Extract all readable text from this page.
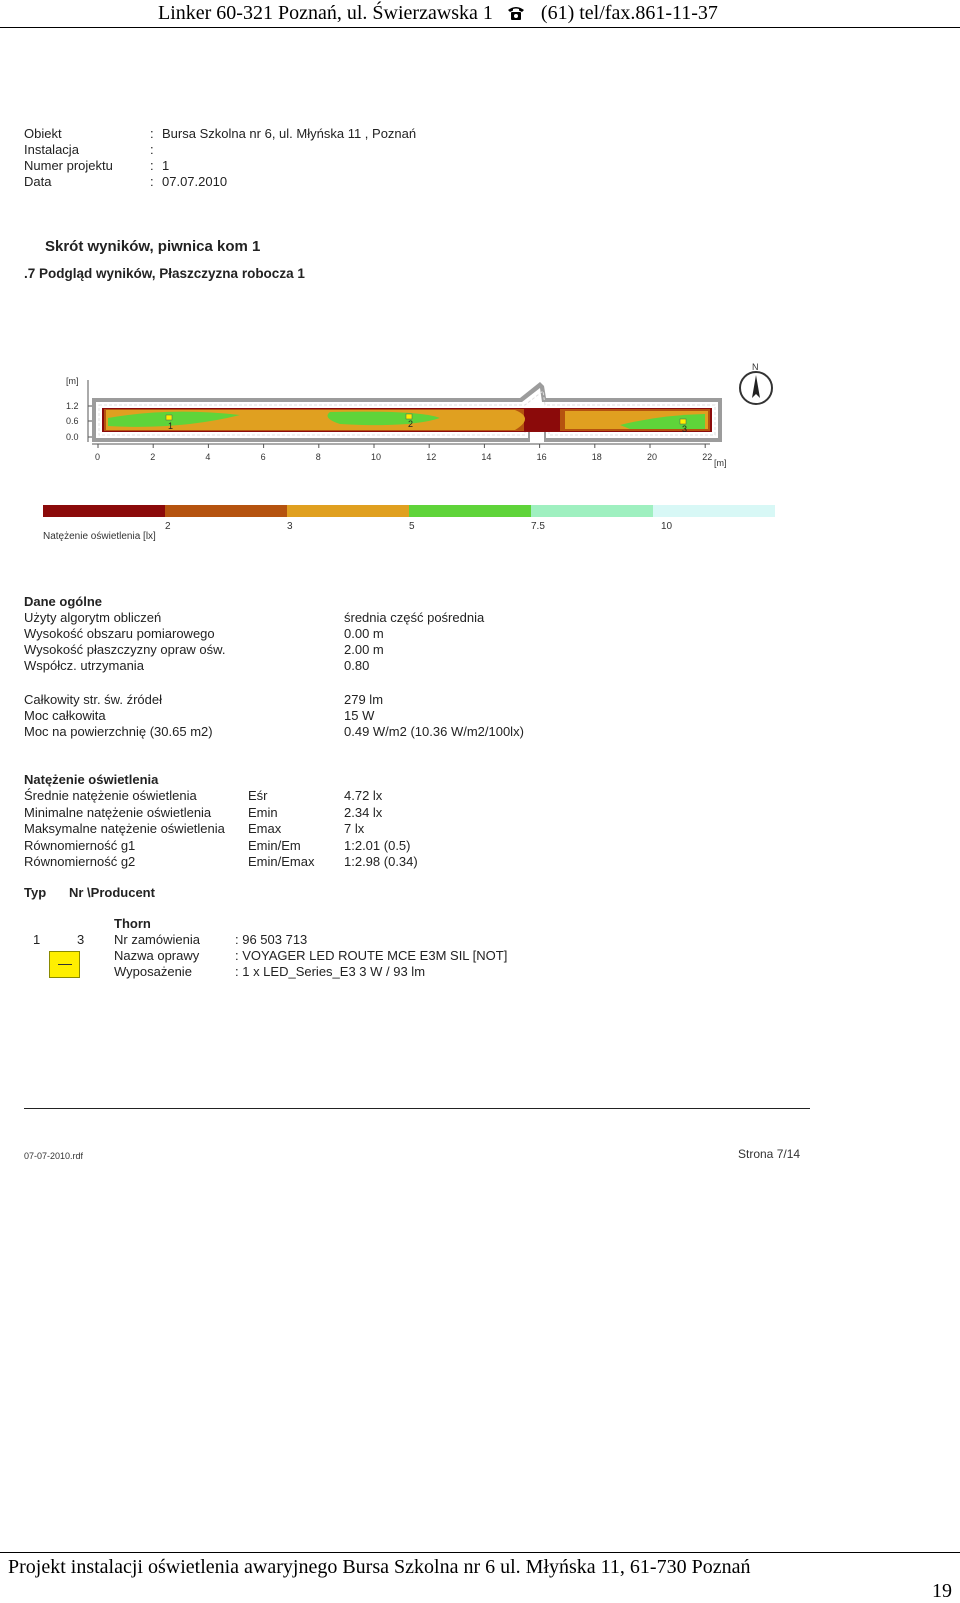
Linker 60-321 Poznań, ul. Świerzawska 1 (61) tel/fax.861-11-37
Obiekt	: Bursa Szkolna nr 6, ul. Młyńska 11 , Poznań
Instalacja	:
Numer projektu	: 1
Data	: 07.07.2010
Skrót wyników, piwnica kom 1
.7 Podgląd wyników, Płaszczyzna robocza 1
[m]
1.2
0.6
0.0
1	2	3
0	2	4	6	8	10	12	14	16	18	20	22
[m]
N
Natężenie oświetlenia [lx]
2	3	5	7.5	10
Dane ogólne
Użyty algorytm obliczeń	średnia część pośrednia
Wysokość obszaru pomiarowego	0.00 m
Wysokość płaszczyzny opraw ośw.	2.00 m
Współcz. utrzymania	0.80
Całkowity str. św. źródeł	279 lm
Moc całkowita	15 W
Moc na powierzchnię (30.65 m2)	0.49 W/m2 (10.36 W/m2/100lx)
Natężenie oświetlenia
Średnie natężenie oświetlenia	Eśr	4.72 lx
Minimalne natężenie oświetlenia	Emin	2.34 lx
Maksymalne natężenie oświetlenia Emax	7 lx
Równomierność g1	Emin/Em	1:2.01 (0.5)
Równomierność g2	Emin/Emax 1:2.98 (0.34)
Typ Nr \Producent
Thorn
1	3 Nr zamówienia	: 96 503 713
Nazwa oprawy	: VOYAGER LED ROUTE MCE E3M SIL [NOT]
Wyposażenie	: 1 x LED_Series_E3 3 W / 93 lm
07-07-2010.rdf	Strona 7/14
Projekt instalacji oświetlenia awaryjnego Bursa Szkolna nr 6 ul. Młyńska 11, 61-730 Poznań
19
